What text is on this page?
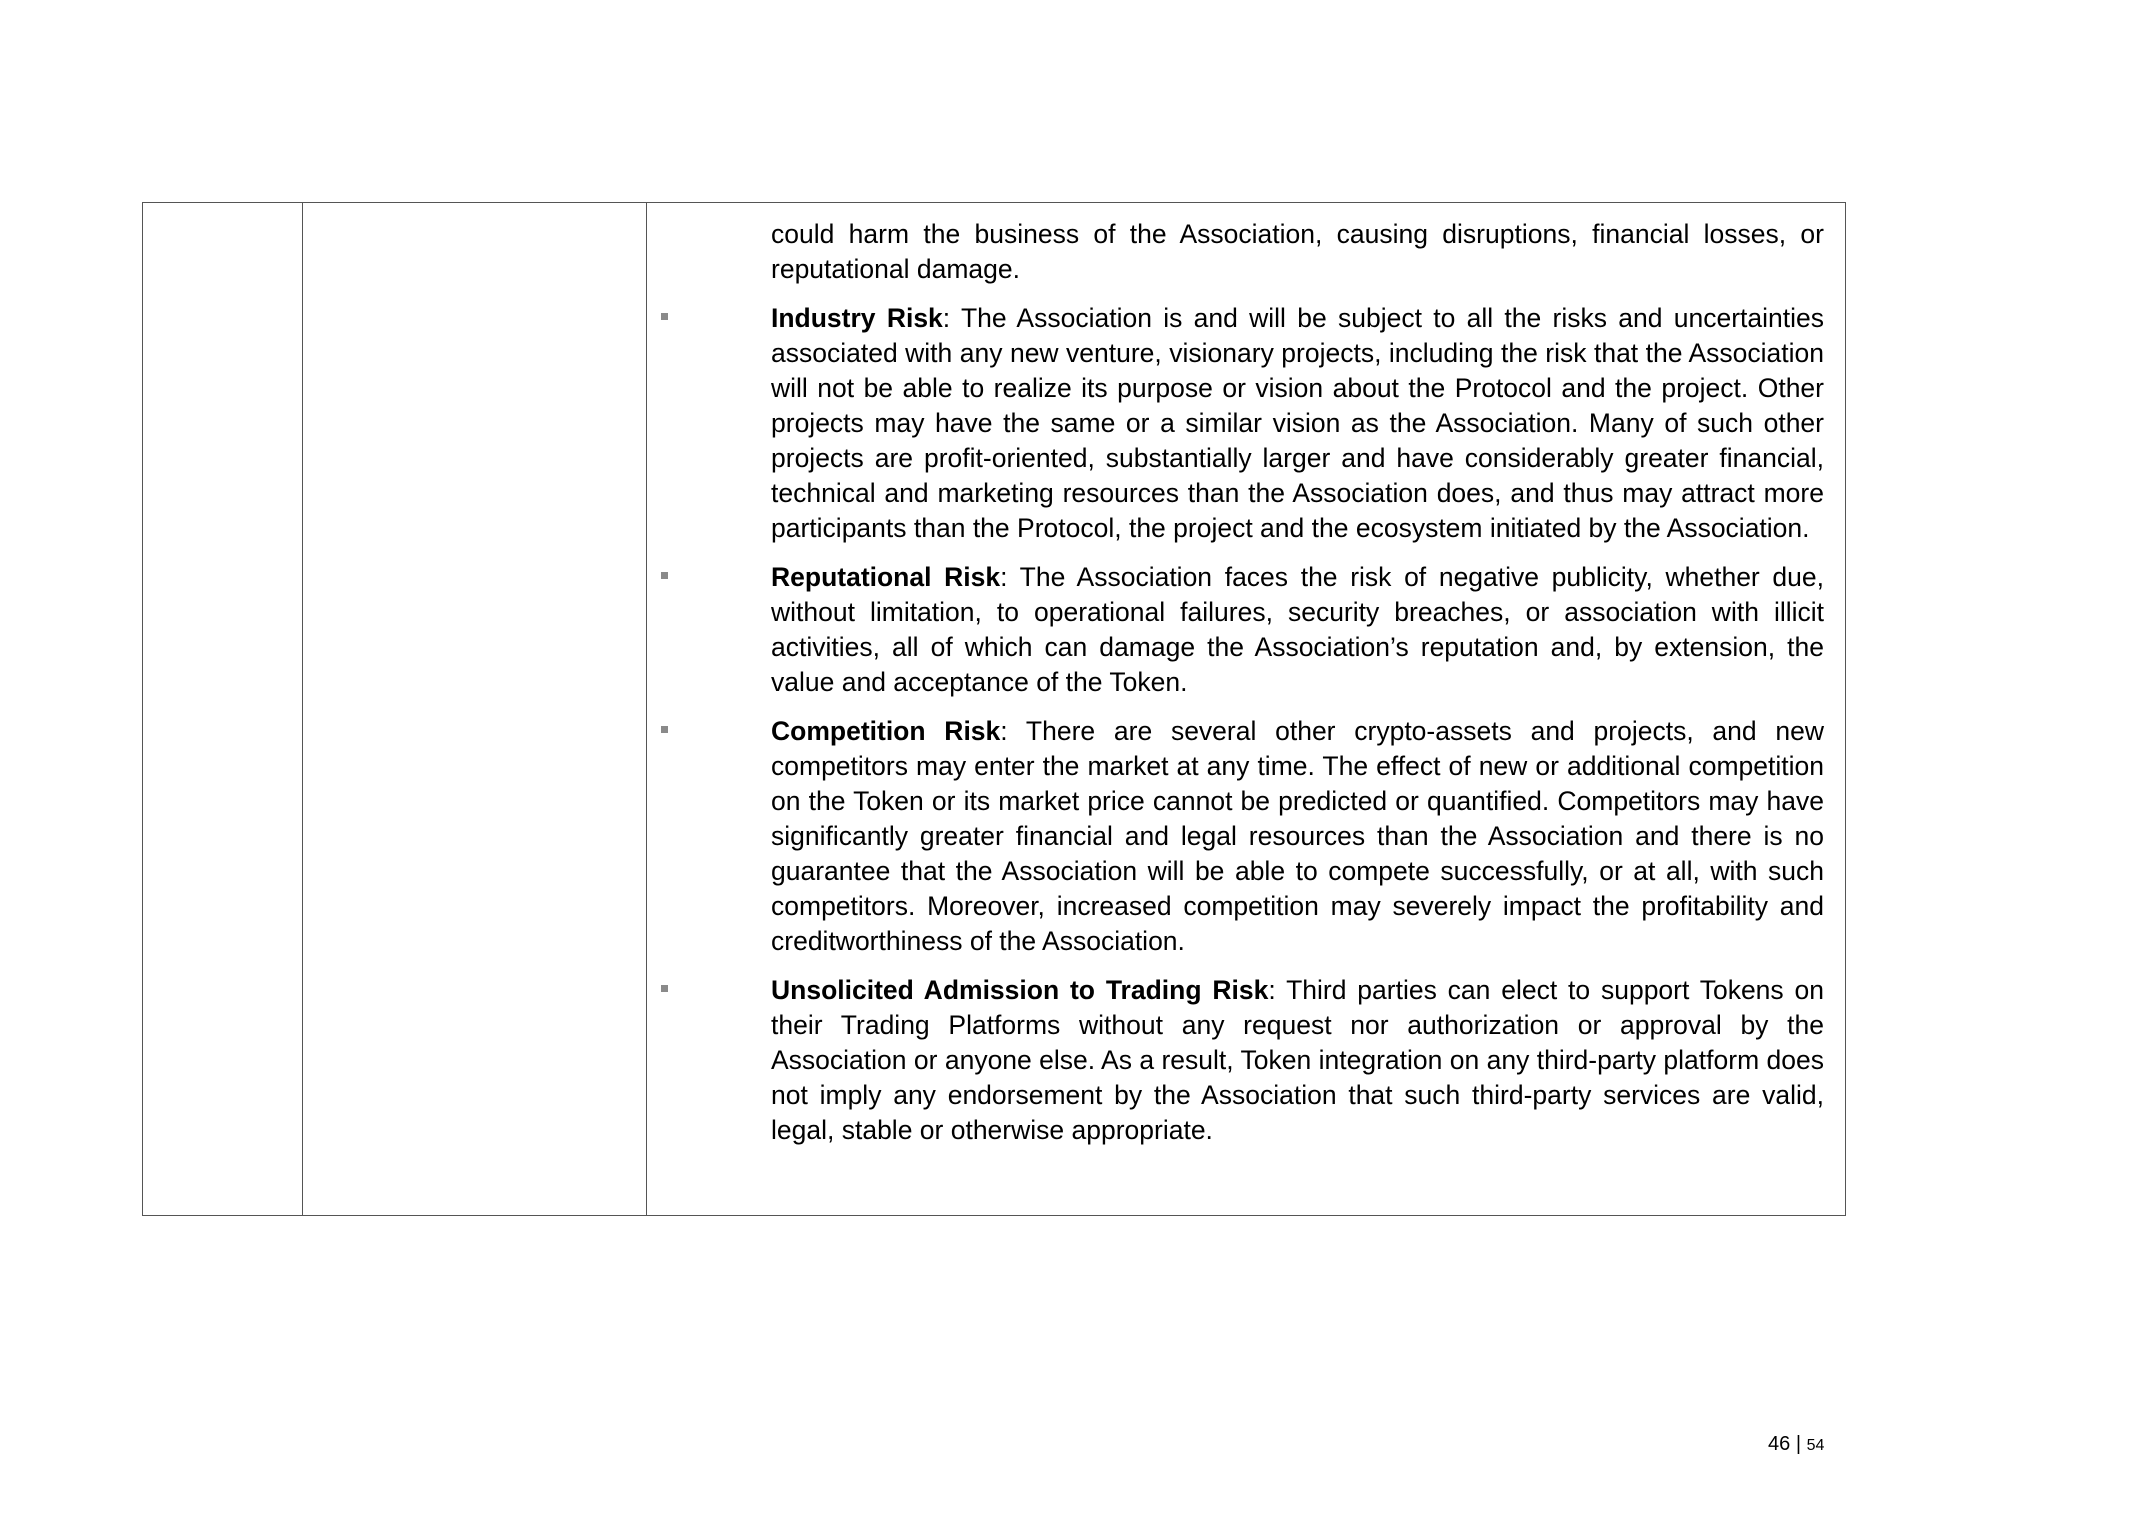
could harm the business of the Association, causing disruptions, financial losses, or reputational damage.

Industry Risk: The Association is and will be subject to all the risks and uncertainties associated with any new venture, visionary projects, including the risk that the Association will not be able to realize its purpose or vision about the Protocol and the project. Other projects may have the same or a similar vision as the Association. Many of such other projects are profit-oriented, substantially larger and have considerably greater financial, technical and marketing resources than the Association does, and thus may attract more participants than the Protocol, the project and the ecosystem initiated by the Association.

Reputational Risk: The Association faces the risk of negative publicity, whether due, without limitation, to operational failures, security breaches, or association with illicit activities, all of which can damage the Association’s reputation and, by extension, the value and acceptance of the Token.

Competition Risk: There are several other crypto-assets and projects, and new competitors may enter the market at any time. The effect of new or additional competition on the Token or its market price cannot be predicted or quantified. Competitors may have significantly greater financial and legal resources than the Association and there is no guarantee that the Association will be able to compete successfully, or at all, with such competitors. Moreover, increased competition may severely impact the profitability and creditworthiness of the Association.

Unsolicited Admission to Trading Risk: Third parties can elect to support Tokens on their Trading Platforms without any request nor authorization or approval by the Association or anyone else. As a result, Token integration on any third-party platform does not imply any endorsement by the Association that such third-party services are valid, legal, stable or otherwise appropriate.

46 | 54
